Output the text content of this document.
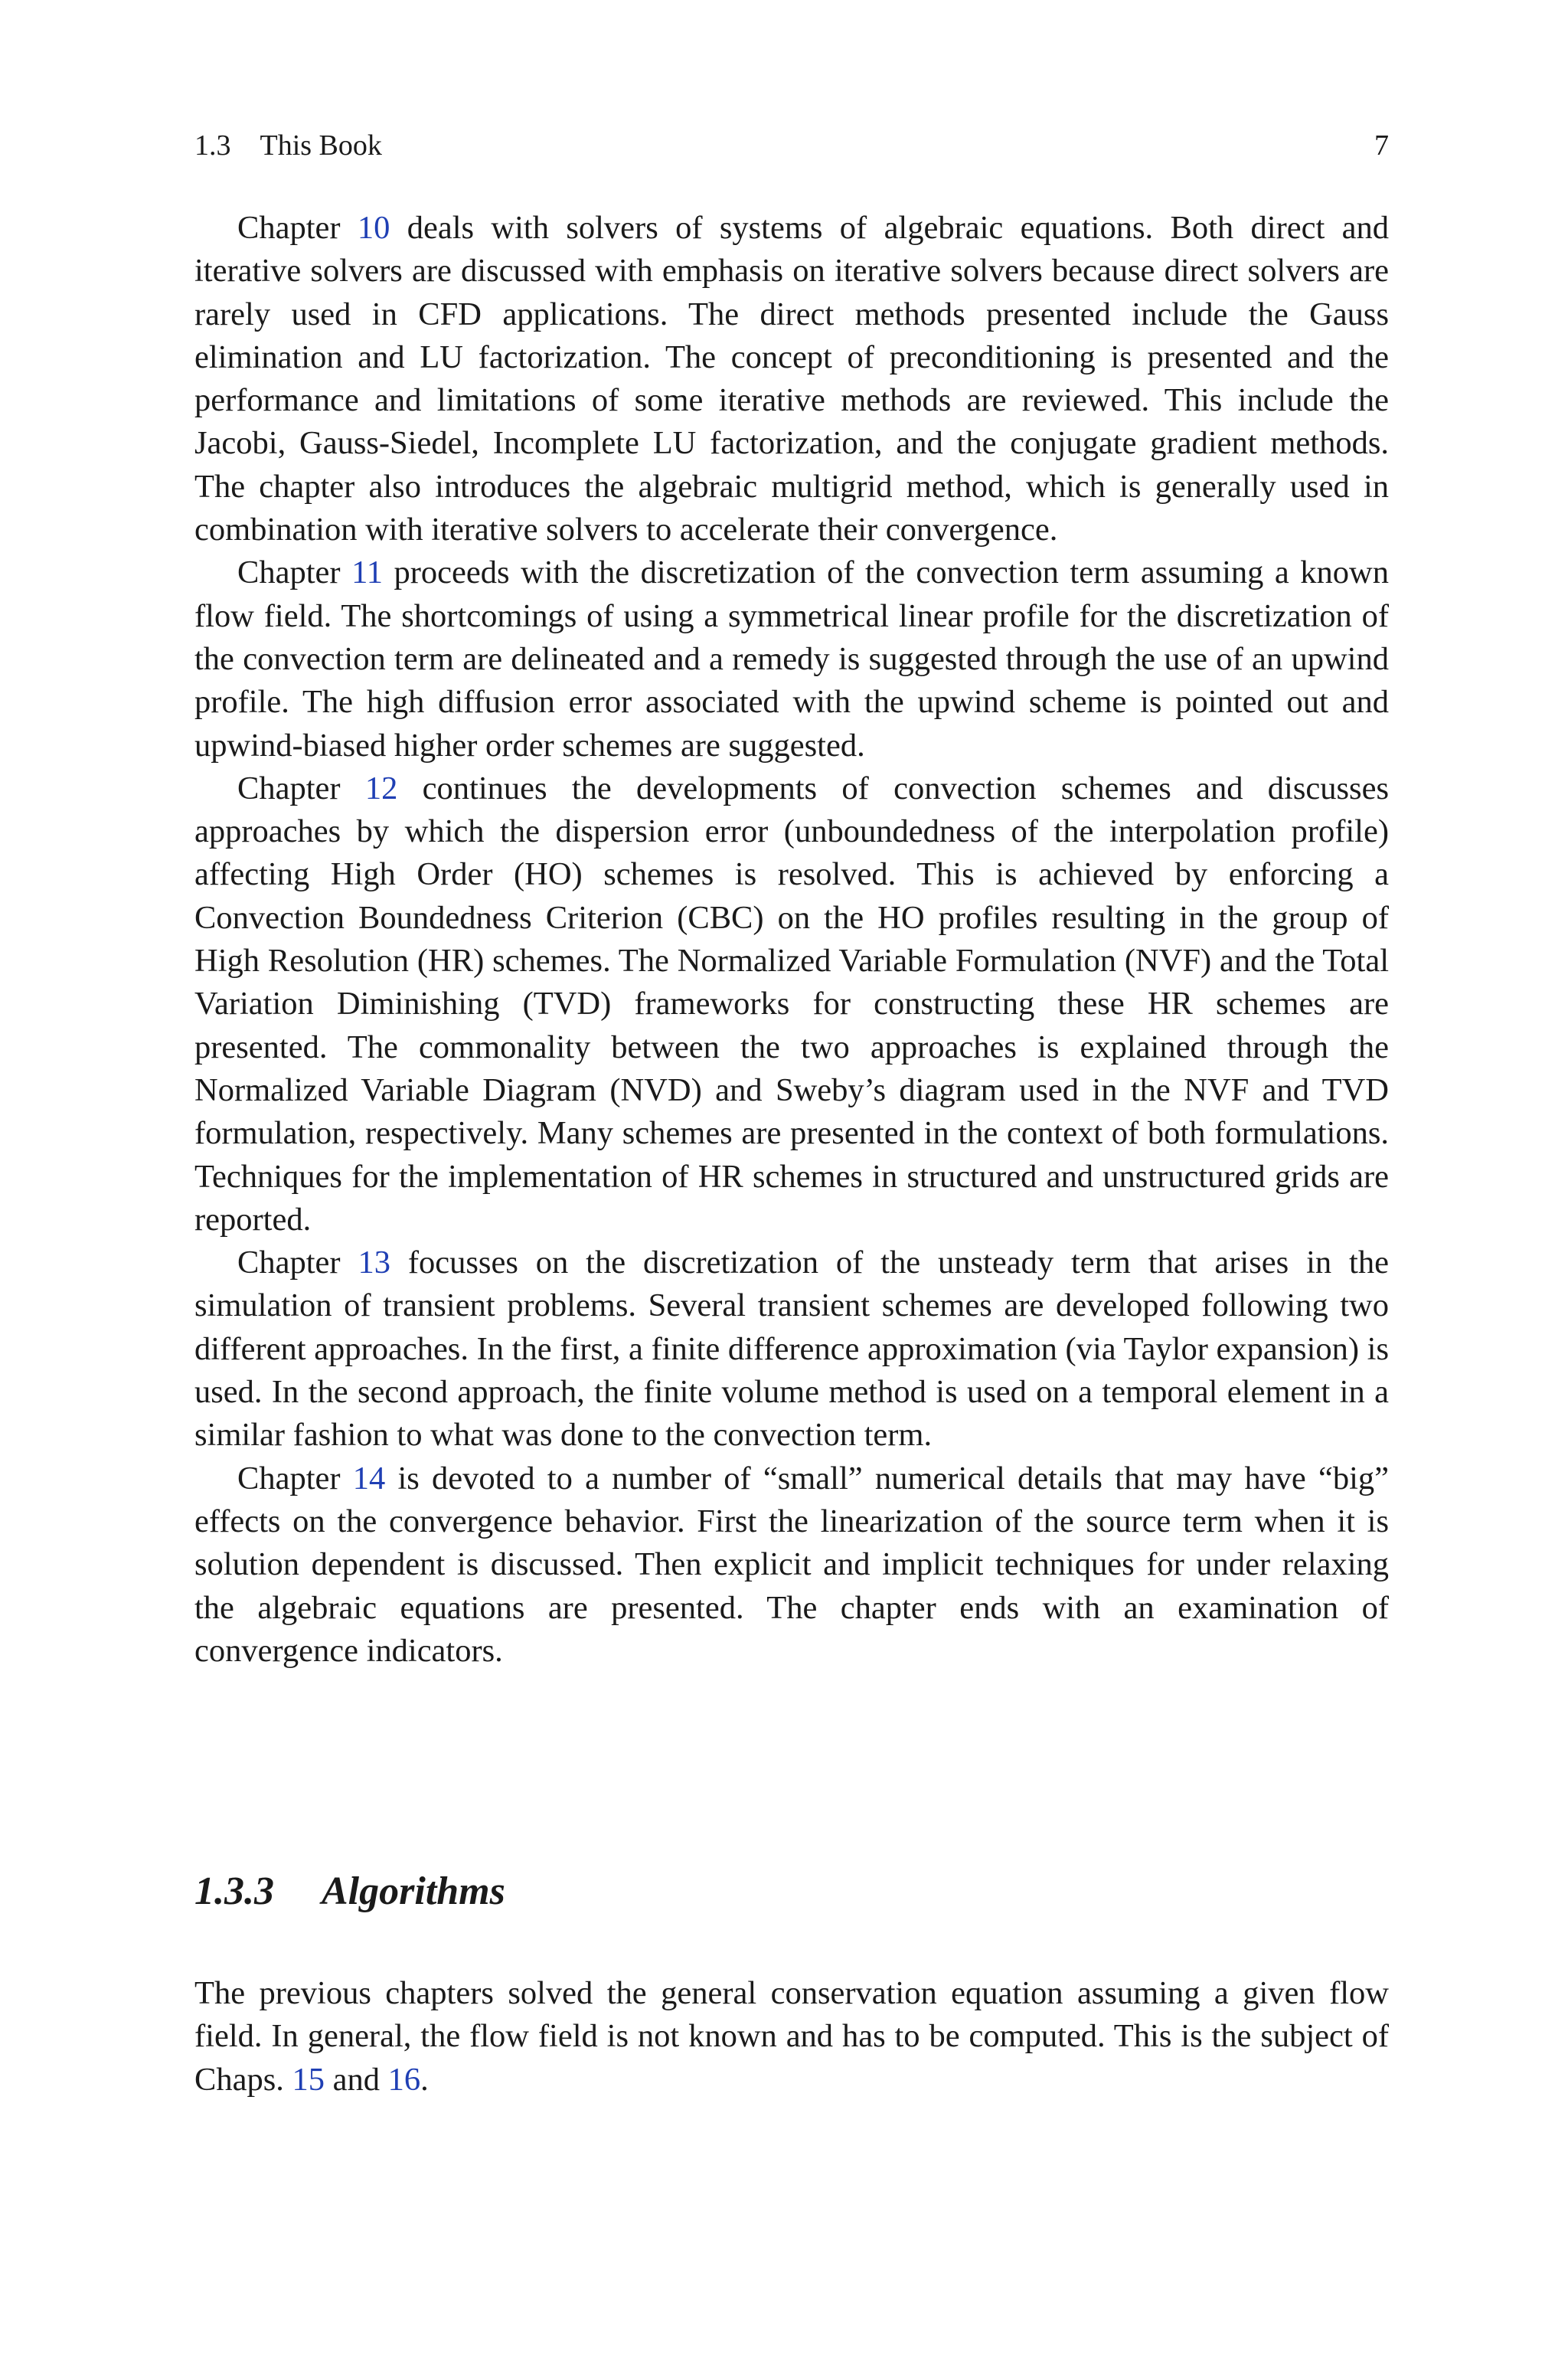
1.3  This Book	7

Chapter 10 deals with solvers of systems of algebraic equations. Both direct and iterative solvers are discussed with emphasis on iterative solvers because direct solvers are rarely used in CFD applications. The direct methods presented include the Gauss elimination and LU factorization. The concept of preconditioning is presented and the performance and limitations of some iterative methods are reviewed. This include the Jacobi, Gauss-Siedel, Incomplete LU factorization, and the conjugate gradient methods. The chapter also introduces the algebraic multigrid method, which is generally used in combination with iterative solvers to accelerate their convergence.

Chapter 11 proceeds with the discretization of the convection term assuming a known flow field. The shortcomings of using a symmetrical linear profile for the discretization of the convection term are delineated and a remedy is suggested through the use of an upwind profile. The high diffusion error associated with the upwind scheme is pointed out and upwind-biased higher order schemes are suggested.

Chapter 12 continues the developments of convection schemes and discusses approaches by which the dispersion error (unboundedness of the interpolation profile) affecting High Order (HO) schemes is resolved. This is achieved by enforcing a Convection Boundedness Criterion (CBC) on the HO profiles resulting in the group of High Resolution (HR) schemes. The Normalized Variable Formulation (NVF) and the Total Variation Diminishing (TVD) frameworks for constructing these HR schemes are presented. The commonality between the two approaches is explained through the Normalized Variable Diagram (NVD) and Sweby’s diagram used in the NVF and TVD formulation, respectively. Many schemes are presented in the context of both formulations. Techniques for the implementation of HR schemes in structured and unstructured grids are reported.

Chapter 13 focusses on the discretization of the unsteady term that arises in the simulation of transient problems. Several transient schemes are developed following two different approaches. In the first, a finite difference approximation (via Taylor expansion) is used. In the second approach, the finite volume method is used on a temporal element in a similar fashion to what was done to the convection term.

Chapter 14 is devoted to a number of “small” numerical details that may have “big” effects on the convergence behavior. First the linearization of the source term when it is solution dependent is discussed. Then explicit and implicit techniques for under relaxing the algebraic equations are presented. The chapter ends with an examination of convergence indicators.

1.3.3 Algorithms

The previous chapters solved the general conservation equation assuming a given flow field. In general, the flow field is not known and has to be computed. This is the subject of Chaps. 15 and 16.
